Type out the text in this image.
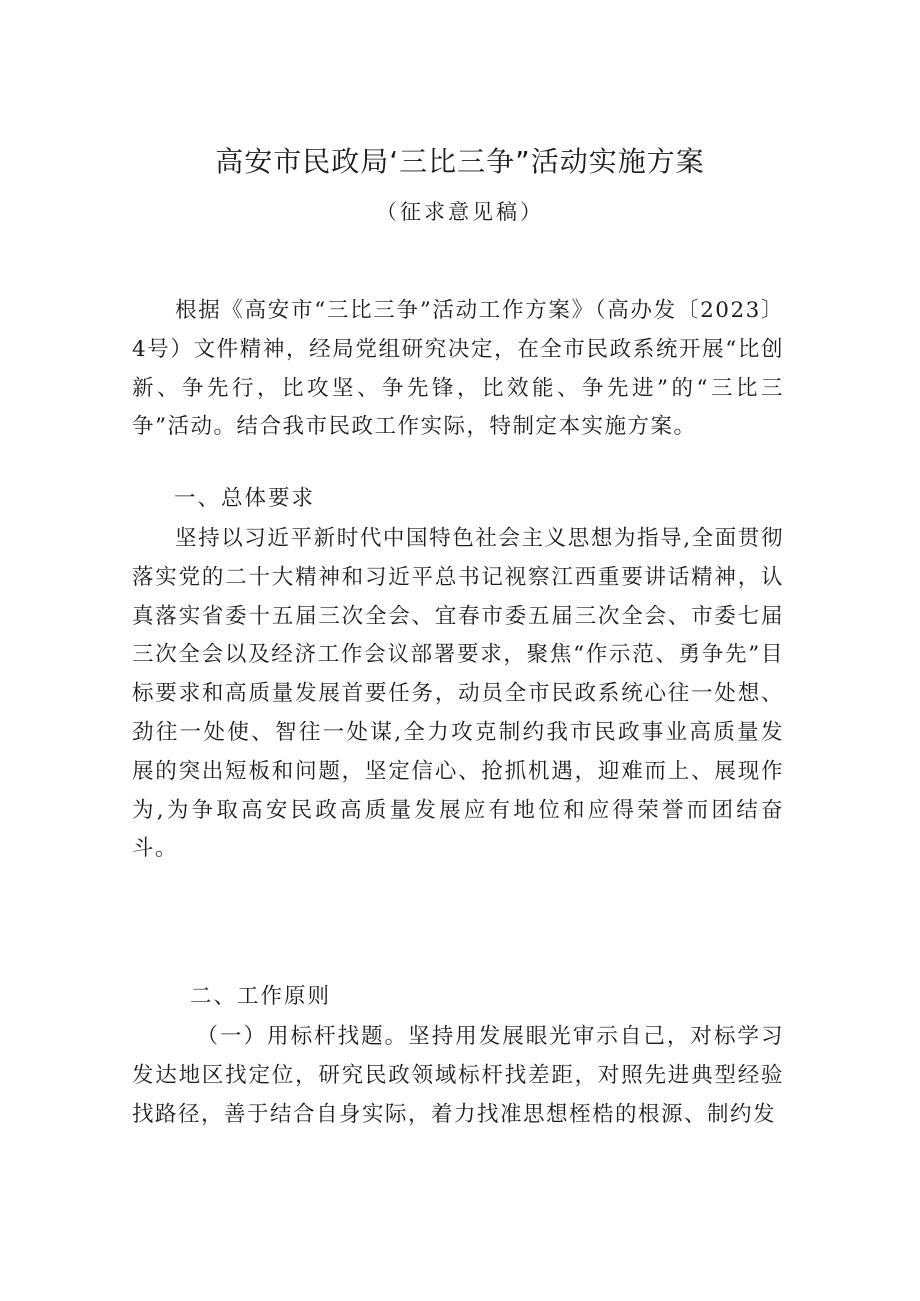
高安市民政局‘三比三争”活动实施方案
（征求意见稿）

根据《高安市“三比三争”活动工作方案》（高办发〔2023〕4号）文件精神，经局党组研究决定，在全市民政系统开展“比创新、争先行，比攻坚、争先锋，比效能、争先进”的“三比三争”活动。结合我市民政工作实际，特制定本实施方案。

一、总体要求

坚持以习近平新时代中国特色社会主义思想为指导,全面贯彻落实党的二十大精神和习近平总书记视察江西重要讲话精神，认真落实省委十五届三次全会、宜春市委五届三次全会、市委七届三次全会以及经济工作会议部署要求，聚焦“作示范、勇争先”目标要求和高质量发展首要任务，动员全市民政系统心往一处想、劲往一处使、智往一处谋,全力攻克制约我市民政事业高质量发展的突出短板和问题，坚定信心、抢抓机遇，迎难而上、展现作为,为争取高安民政高质量发展应有地位和应得荣誉而团结奋斗。

二、工作原则

（一）用标杆找题。坚持用发展眼光审示自己，对标学习发达地区找定位，研究民政领域标杆找差距，对照先进典型经验找路径，善于结合自身实际，着力找准思想桎梏的根源、制约发
